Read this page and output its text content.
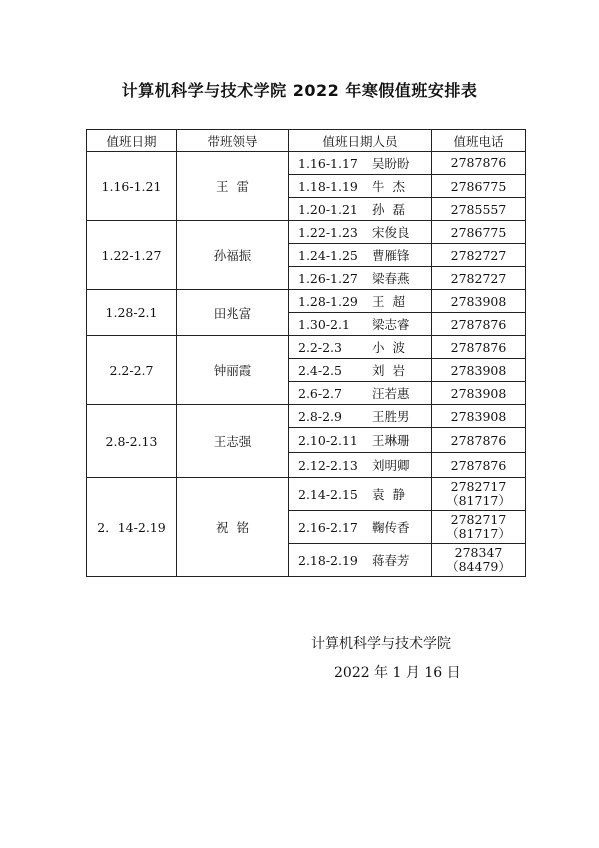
计算机科学与技术学院 2022 年寒假值班安排表
值班日期	带班领导	值班日期人员	值班电话
1.16-1.21	王  雷	1.16-1.17 吴盼盼	2787876

		1.18-1.19 牛  杰	2786775

		1.20-1.21 孙  磊	2785557
1.22-1.27	孙福振	1.22-1.23 宋俊良	2786775

		1.24-1.25 曹雁锋	2782727

		1.26-1.27 梁春燕	2782727
1.28-2.1	田兆富	1.28-1.29 王  超	2783908

		1.30-2.1 梁志睿	2787876
2.2-2.7	钟丽霞	2.2-2.3 小  波	2787876

		2.4-2.5 刘  岩	2783908

		2.6-2.7 汪若惠	2783908
2.8-2.13	王志强	2.8-2.9 王胜男	2783908

		2.10-2.11 王琳珊	2787876

		2.12-2.13 刘明卿	2787876
2．14-2.19	祝  铭	2.14-2.15 袁  静	2782717
（81717）

		2.16-2.17 鞠传香	2782717
（81717）

		2.18-2.19 蒋春芳	278347
（84479）
计算机科学与技术学院
2022 年 1 月 16 日
